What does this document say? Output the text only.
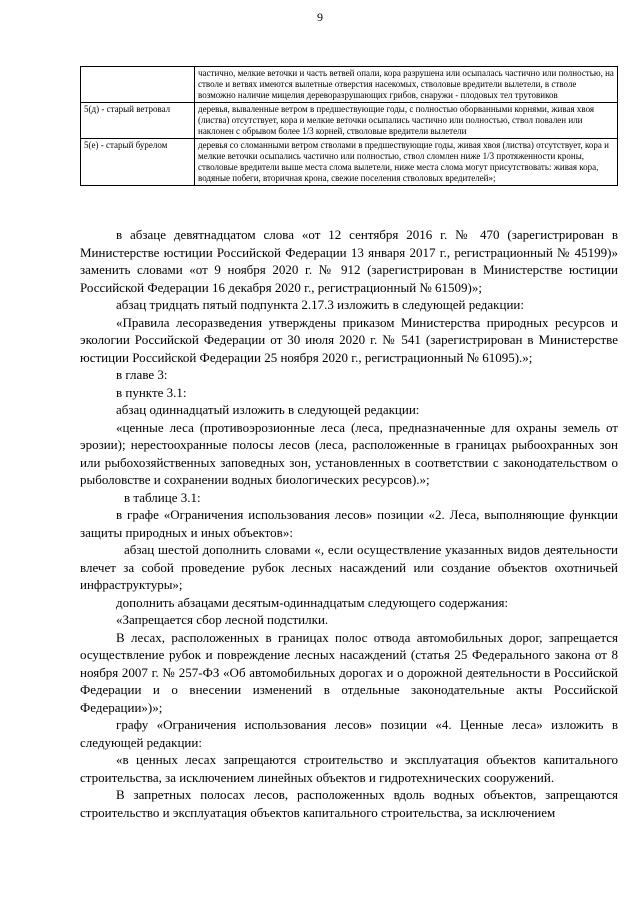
9
	частично, мелкие веточки и часть ветвей опали, кора разрушена или осыпалась частично или полностью, на стволе и ветвях имеются вылетные отверстия насекомых, стволовые вредители вылетели, в стволе возможно наличие мицелия дереворазрушающих грибов, снаружи - плодовых тел трутовиков
5(д) - старый ветровал	деревья, вываленные ветром в предшествующие годы, с полностью оборванными корнями, живая хвоя (листва) отсутствует, кора и мелкие веточки осыпались частично или полностью, ствол повален или наклонен с обрывом более 1/3 корней, стволовые вредители вылетели
5(е) - старый бурелом	деревья со сломанными ветром стволами в предшествующие годы, живая хвоя (листва) отсутствует, кора и мелкие веточки осыпались частично или полностью, ствол сломлен ниже 1/3 протяженности кроны, стволовые вредители выше места слома вылетели, ниже места слома могут присутствовать: живая кора, водяные побеги, вторичная крона, свежие поселения стволовых вредителей»;

в абзаце девятнадцатом слова «от 12 сентября 2016 г. № 470 (зарегистрирован в Министерстве юстиции Российской Федерации 13 января 2017 г., регистрационный № 45199)» заменить словами «от 9 ноября 2020 г. № 912 (зарегистрирован в Министерстве юстиции Российской Федерации 16 декабря 2020 г., регистрационный № 61509)»;

абзац тридцать пятый подпункта 2.17.3 изложить в следующей редакции:

«Правила лесоразведения утверждены приказом Министерства природных ресурсов и экологии Российской Федерации от 30 июля 2020 г. № 541 (зарегистрирован в Министерстве юстиции Российской Федерации 25 ноября 2020 г., регистрационный № 61095).»;

в главе 3:

в пункте 3.1:

абзац одиннадцатый изложить в следующей редакции:

«ценные леса (противоэрозионные леса (леса, предназначенные для охраны земель от эрозии); нерестоохранные полосы лесов (леса, расположенные в границах рыбоохранных зон или рыбохозяйственных заповедных зон, установленных в соответствии с законодательством о рыболовстве и сохранении водных биологических ресурсов).»;

в таблице 3.1:

в графе «Ограничения использования лесов» позиции «2. Леса, выполняющие функции защиты природных и иных объектов»:

абзац шестой дополнить словами «, если осуществление указанных видов деятельности влечет за собой проведение рубок лесных насаждений или создание объектов охотничьей инфраструктуры»;

дополнить абзацами десятым-одиннадцатым следующего содержания:

«Запрещается сбор лесной подстилки.

В лесах, расположенных в границах полос отвода автомобильных дорог, запрещается осуществление рубок и повреждение лесных насаждений (статья 25 Федерального закона от 8 ноября 2007 г. № 257-ФЗ «Об автомобильных дорогах и о дорожной деятельности в Российской Федерации и о внесении изменений в отдельные законодательные акты Российской Федерации»)»;

графу «Ограничения использования лесов» позиции «4. Ценные леса» изложить в следующей редакции:

«в ценных лесах запрещаются строительство и эксплуатация объектов капитального строительства, за исключением линейных объектов и гидротехнических сооружений.

В запретных полосах лесов, расположенных вдоль водных объектов, запрещаются строительство и эксплуатация объектов капитального строительства, за исключением
